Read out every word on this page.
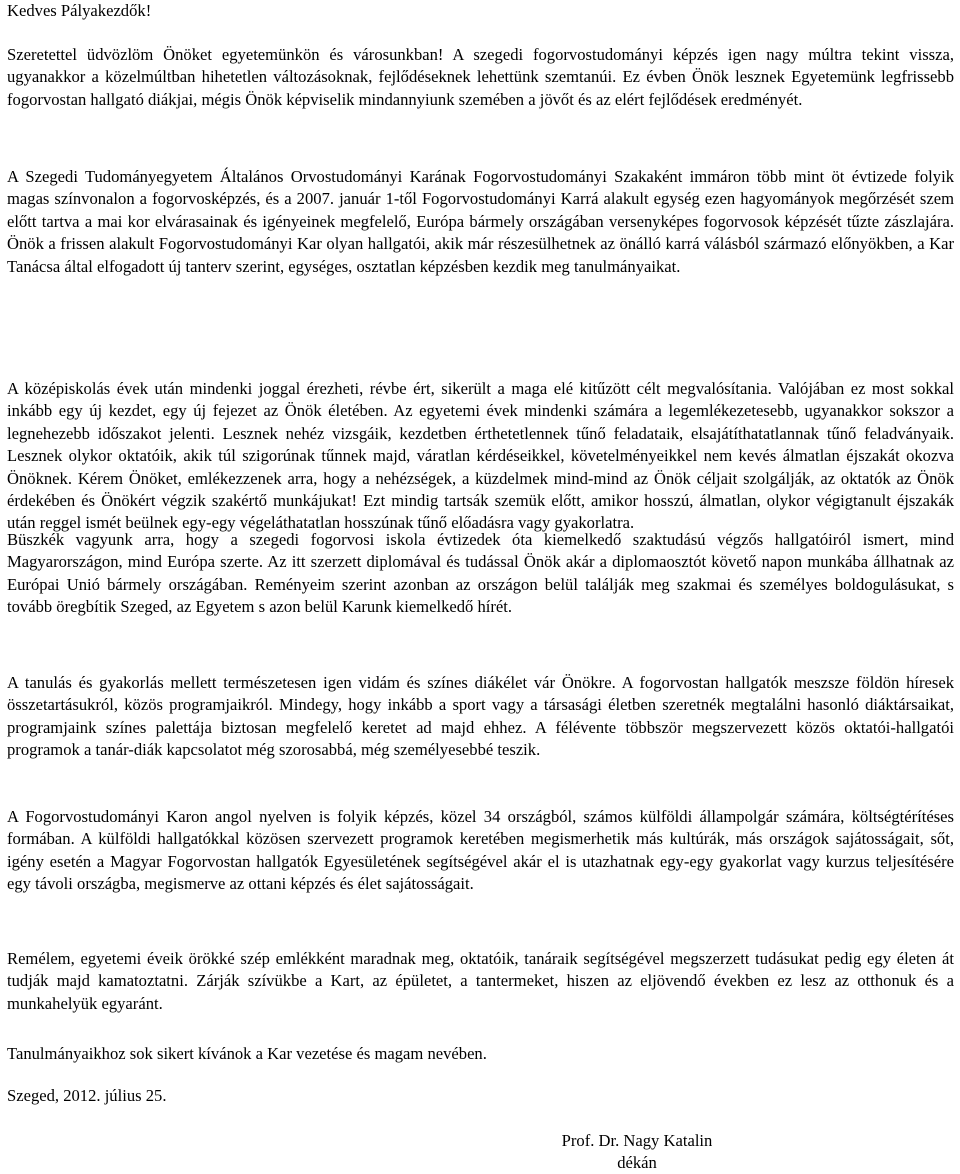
Kedves Pályakezdők!

Szeretettel üdvözlöm Önöket egyetemünkön és városunkban! A szegedi fogorvostudományi képzés igen nagy múltra tekint vissza, ugyanakkor a közelmúltban hihetetlen változásoknak, fejlődéseknek lehettünk szemtanúi. Ez évben Önök lesznek Egyetemünk legfrissebb fogorvostan hallgató diákjai, mégis Önök képviselik mindannyiunk szemében a jövőt és az elért fejlődések eredményét.

A Szegedi Tudományegyetem Általános Orvostudományi Karának Fogorvostudományi Szakaként immáron több mint öt évtizede folyik magas színvonalon a fogorvosképzés, és a 2007. január 1-től Fogorvostudományi Karrá alakult egység ezen hagyományok megőrzését szem előtt tartva a mai kor elvárasainak és igényeinek megfelelő, Európa bármely országában versenyképes fogorvosok képzését tűzte zászlajára. Önök a frissen alakult Fogorvostudományi Kar olyan hallgatói, akik már részesülhetnek az önálló karrá válásból származó előnyökben, a Kar Tanácsa által elfogadott új tanterv szerint, egységes, osztatlan képzésben kezdik meg tanulmányaikat.

A középiskolás évek után mindenki joggal érezheti, révbe ért, sikerült a maga elé kitűzött célt megvalósítania. Valójában ez most sokkal inkább egy új kezdet, egy új fejezet az Önök életében. Az egyetemi évek mindenki számára a legemlékezetesebb, ugyanakkor sokszor a legnehezebb időszakot jelenti. Lesznek nehéz vizsgáik, kezdetben érthetetlennek tűnő feladataik, elsajátíthatatlannak tűnő feladványaik. Lesznek olykor oktatóik, akik túl szigorúnak tűnnek majd, váratlan kérdéseikkel, követelményeikkel nem kevés álmatlan éjszakát okozva Önöknek. Kérem Önöket, emlékezzenek arra, hogy a nehézségek, a küzdelmek mind-mind az Önök céljait szolgálják, az oktatók az Önök érdekében és Önökért végzik szakértő munkájukat! Ezt mindig tartsák szemük előtt, amikor hosszú, álmatlan, olykor végigtanult éjszakák után reggel ismét beülnek egy-egy végeláthatatlan hosszúnak tűnő előadásra vagy gyakorlatra.

Büszkék vagyunk arra, hogy a szegedi fogorvosi iskola évtizedek óta kiemelkedő szaktudású végzős hallgatóiról ismert, mind Magyarországon, mind Európa szerte. Az itt szerzett diplomával és tudással Önök akár a diplomaosztót követő napon munkába állhatnak az Európai Unió bármely országában. Reményeim szerint azonban az országon belül találják meg szakmai és személyes boldogulásukat, s tovább öregbítik Szeged, az Egyetem s azon belül Karunk kiemelkedő hírét.

A tanulás és gyakorlás mellett természetesen igen vidám és színes diákélet vár Önökre. A fogorvostan hallgatók meszsze földön híresek összetartásukról, közös programjaikról. Mindegy, hogy inkább a sport vagy a társasági életben szeretnék megtalálni hasonló diáktársaikat, programjaink színes palettája biztosan megfelelő keretet ad majd ehhez. A félévente többször megszervezett közös oktatói-hallgatói programok a tanár-diák kapcsolatot még szorosabbá, még személyesebbé teszik.

A Fogorvostudományi Karon angol nyelven is folyik képzés, közel 34 országból, számos külföldi állampolgár számára, költségtérítéses formában. A külföldi hallgatókkal közösen szervezett programok keretében megismerhetik más kultúrák, más országok sajátosságait, sőt, igény esetén a Magyar Fogorvostan hallgatók Egyesületének segítségével akár el is utazhatnak egy-egy gyakorlat vagy kurzus teljesítésére egy távoli országba, megismerve az ottani képzés és élet sajátosságait.

Remélem, egyetemi éveik örökké szép emlékként maradnak meg, oktatóik, tanáraik segítségével megszerzett tudásukat pedig egy életen át tudják majd kamatoztatni. Zárják szívükbe a Kart, az épületet, a tantermeket, hiszen az eljövendő években ez lesz az otthonuk és a munkahelyük egyaránt.

Tanulmányaikhoz sok sikert kívánok a Kar vezetése és magam nevében.

Szeged, 2012. július 25.

Prof. Dr. Nagy Katalin
dékán
